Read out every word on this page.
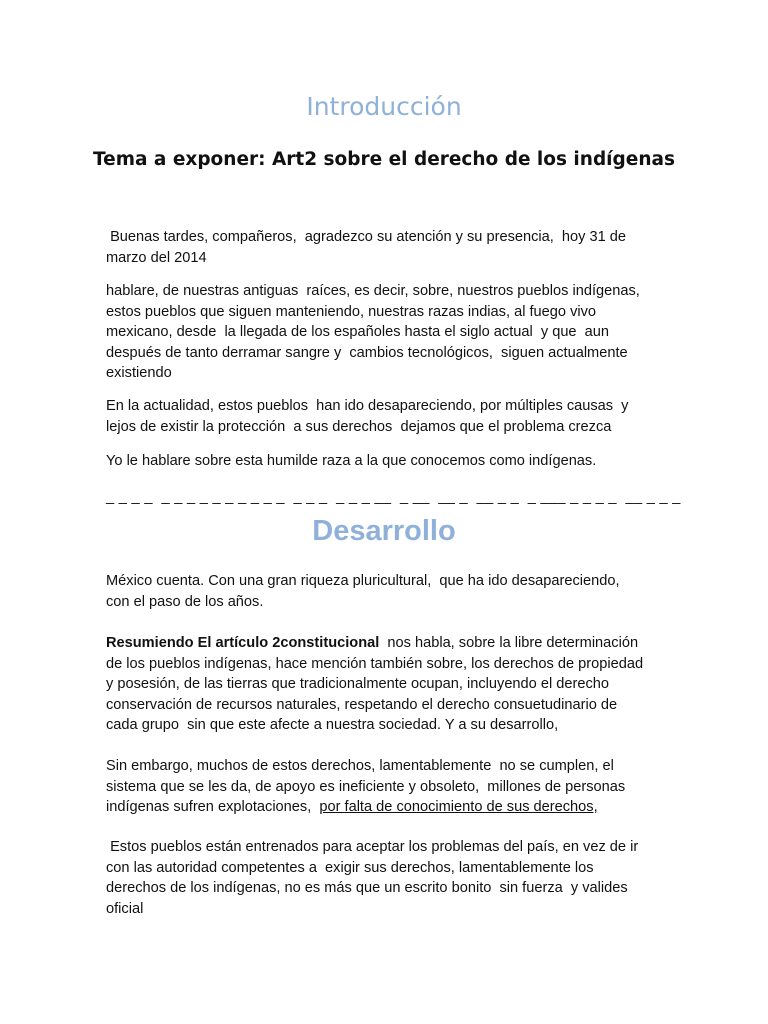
Introducción
Tema a exponer: Art2 sobre el derecho de los indígenas

Buenas tardes, compañeros,  agradezco su atención y su presencia,  hoy 31 de
marzo del 2014

hablare, de nuestras antiguas  raíces, es decir, sobre, nuestros pueblos indígenas,
estos pueblos que siguen manteniendo, nuestras razas indias, al fuego vivo
mexicano, desde  la llegada de los españoles hasta el siglo actual  y que  aun
después de tanto derramar sangre y  cambios tecnológicos,  siguen actualmente
existiendo

En la actualidad, estos pueblos  han ido desapareciendo, por múltiples causas  y
lejos de existir la protección  a sus derechos  dejamos que el problema crezca

Yo le hablare sobre esta humilde raza a la que conocemos como indígenas.

_ _ _ _  _ _ _ _ _ _ _ _ _ _  _ _ _  _ _ _ __  _ __  __ _  __ _ _  _ ___ _ _ _ _  __ _ _ _
Desarrollo

México cuenta. Con una gran riqueza pluricultural,  que ha ido desapareciendo,
con el paso de los años.

Resumiendo El artículo 2constitucional  nos habla, sobre la libre determinación
de los pueblos indígenas, hace mención también sobre, los derechos de propiedad
y posesión, de las tierras que tradicionalmente ocupan, incluyendo el derecho
conservación de recursos naturales, respetando el derecho consuetudinario de
cada grupo  sin que este afecte a nuestra sociedad. Y a su desarrollo,

Sin embargo, muchos de estos derechos, lamentablemente  no se cumplen, el
sistema que se les da, de apoyo es ineficiente y obsoleto,  millones de personas
indígenas sufren explotaciones,  por falta de conocimiento de sus derechos,

Estos pueblos están entrenados para aceptar los problemas del país, en vez de ir
con las autoridad competentes a  exigir sus derechos, lamentablemente los
derechos de los indígenas, no es más que un escrito bonito  sin fuerza  y valides
oficial
